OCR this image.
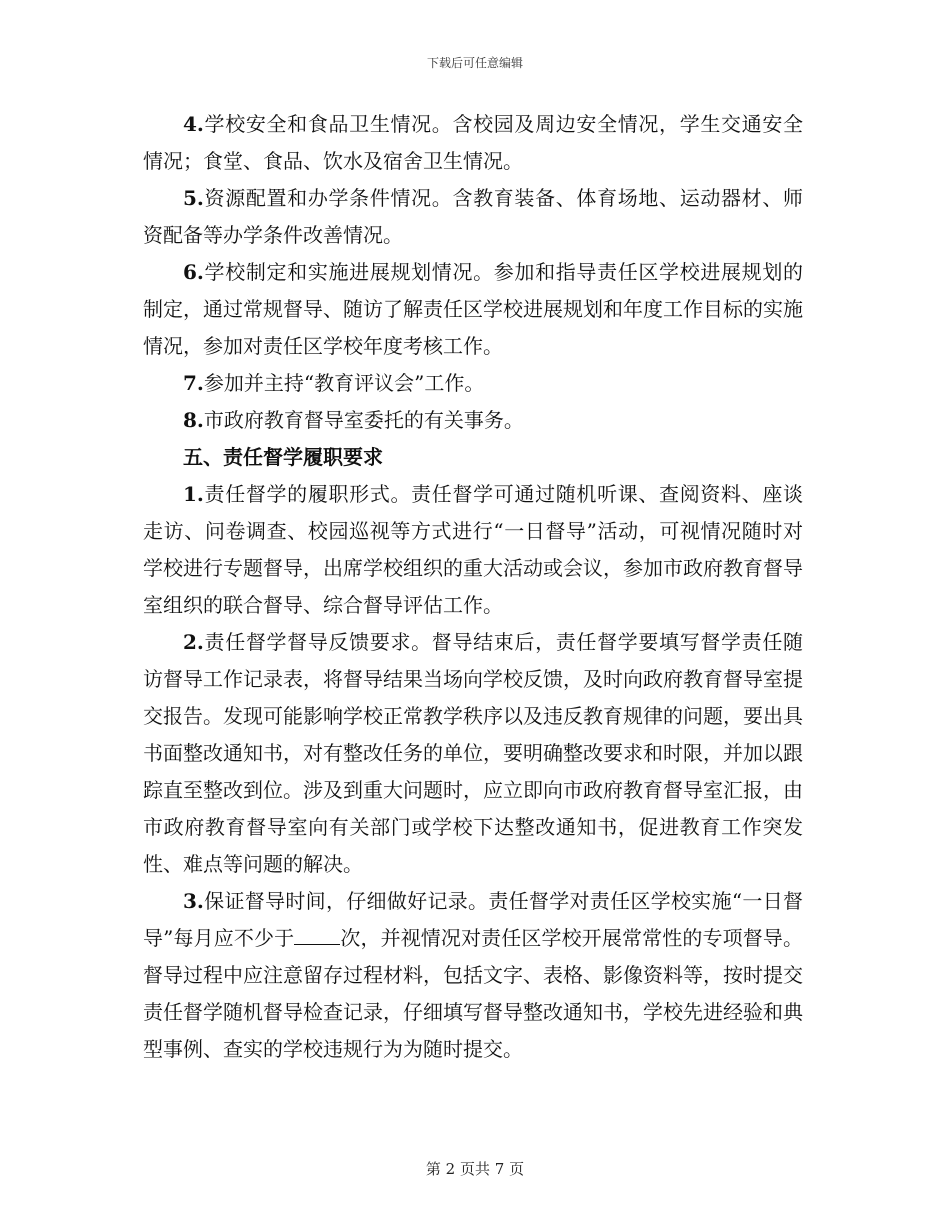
下载后可任意编辑

4.学校安全和食品卫生情况。含校园及周边安全情况，学生交通安全情况；食堂、食品、饮水及宿舍卫生情况。

5.资源配置和办学条件情况。含教育装备、体育场地、运动器材、师资配备等办学条件改善情况。

6.学校制定和实施进展规划情况。参加和指导责任区学校进展规划的制定，通过常规督导、随访了解责任区学校进展规划和年度工作目标的实施情况，参加对责任区学校年度考核工作。

7.参加并主持“教育评议会”工作。

8.市政府教育督导室委托的有关事务。

五、责任督学履职要求

1.责任督学的履职形式。责任督学可通过随机听课、查阅资料、座谈走访、问卷调查、校园巡视等方式进行“一日督导”活动，可视情况随时对学校进行专题督导，出席学校组织的重大活动或会议，参加市政府教育督导室组织的联合督导、综合督导评估工作。

2.责任督学督导反馈要求。督导结束后，责任督学要填写督学责任随访督导工作记录表，将督导结果当场向学校反馈，及时向政府教育督导室提交报告。发现可能影响学校正常教学秩序以及违反教育规律的问题，要出具书面整改通知书，对有整改任务的单位，要明确整改要求和时限，并加以跟踪直至整改到位。涉及到重大问题时，应立即向市政府教育督导室汇报，由市政府教育督导室向有关部门或学校下达整改通知书，促进教育工作突发性、难点等问题的解决。

3.保证督导时间，仔细做好记录。责任督学对责任区学校实施“一日督导”每月应不少于 次，并视情况对责任区学校开展常常性的专项督导。督导过程中应注意留存过程材料，包括文字、表格、影像资料等，按时提交责任督学随机督导检查记录，仔细填写督导整改通知书，学校先进经验和典型事例、查实的学校违规行为为随时提交。

第 2 页共 7 页
